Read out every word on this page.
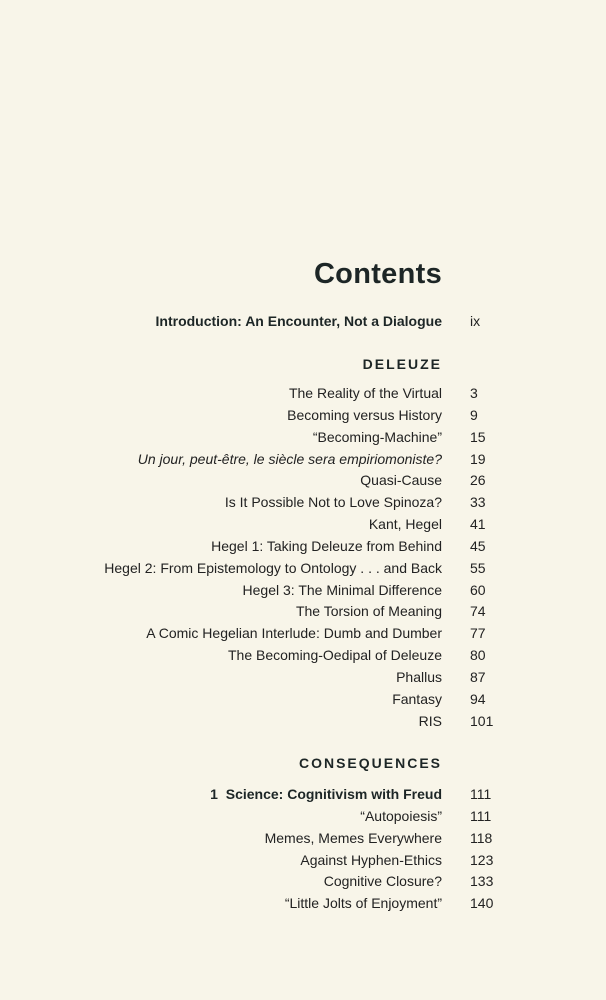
Contents
Introduction: An Encounter, Not a Dialogue ix
DELEUZE
The Reality of the Virtual 3
Becoming versus History 9
“Becoming-Machine” 15
Un jour, peut-être, le siècle sera empiriomoniste? 19
Quasi-Cause 26
Is It Possible Not to Love Spinoza? 33
Kant, Hegel 41
Hegel 1: Taking Deleuze from Behind 45
Hegel 2: From Epistemology to Ontology . . . and Back 55
Hegel 3: The Minimal Difference 60
The Torsion of Meaning 74
A Comic Hegelian Interlude: Dumb and Dumber 77
The Becoming-Oedipal of Deleuze 80
Phallus 87
Fantasy 94
RIS 101
CONSEQUENCES
1  Science: Cognitivism with Freud 111
“Autopoiesis” 111
Memes, Memes Everywhere 118
Against Hyphen-Ethics 123
Cognitive Closure? 133
“Little Jolts of Enjoyment” 140
